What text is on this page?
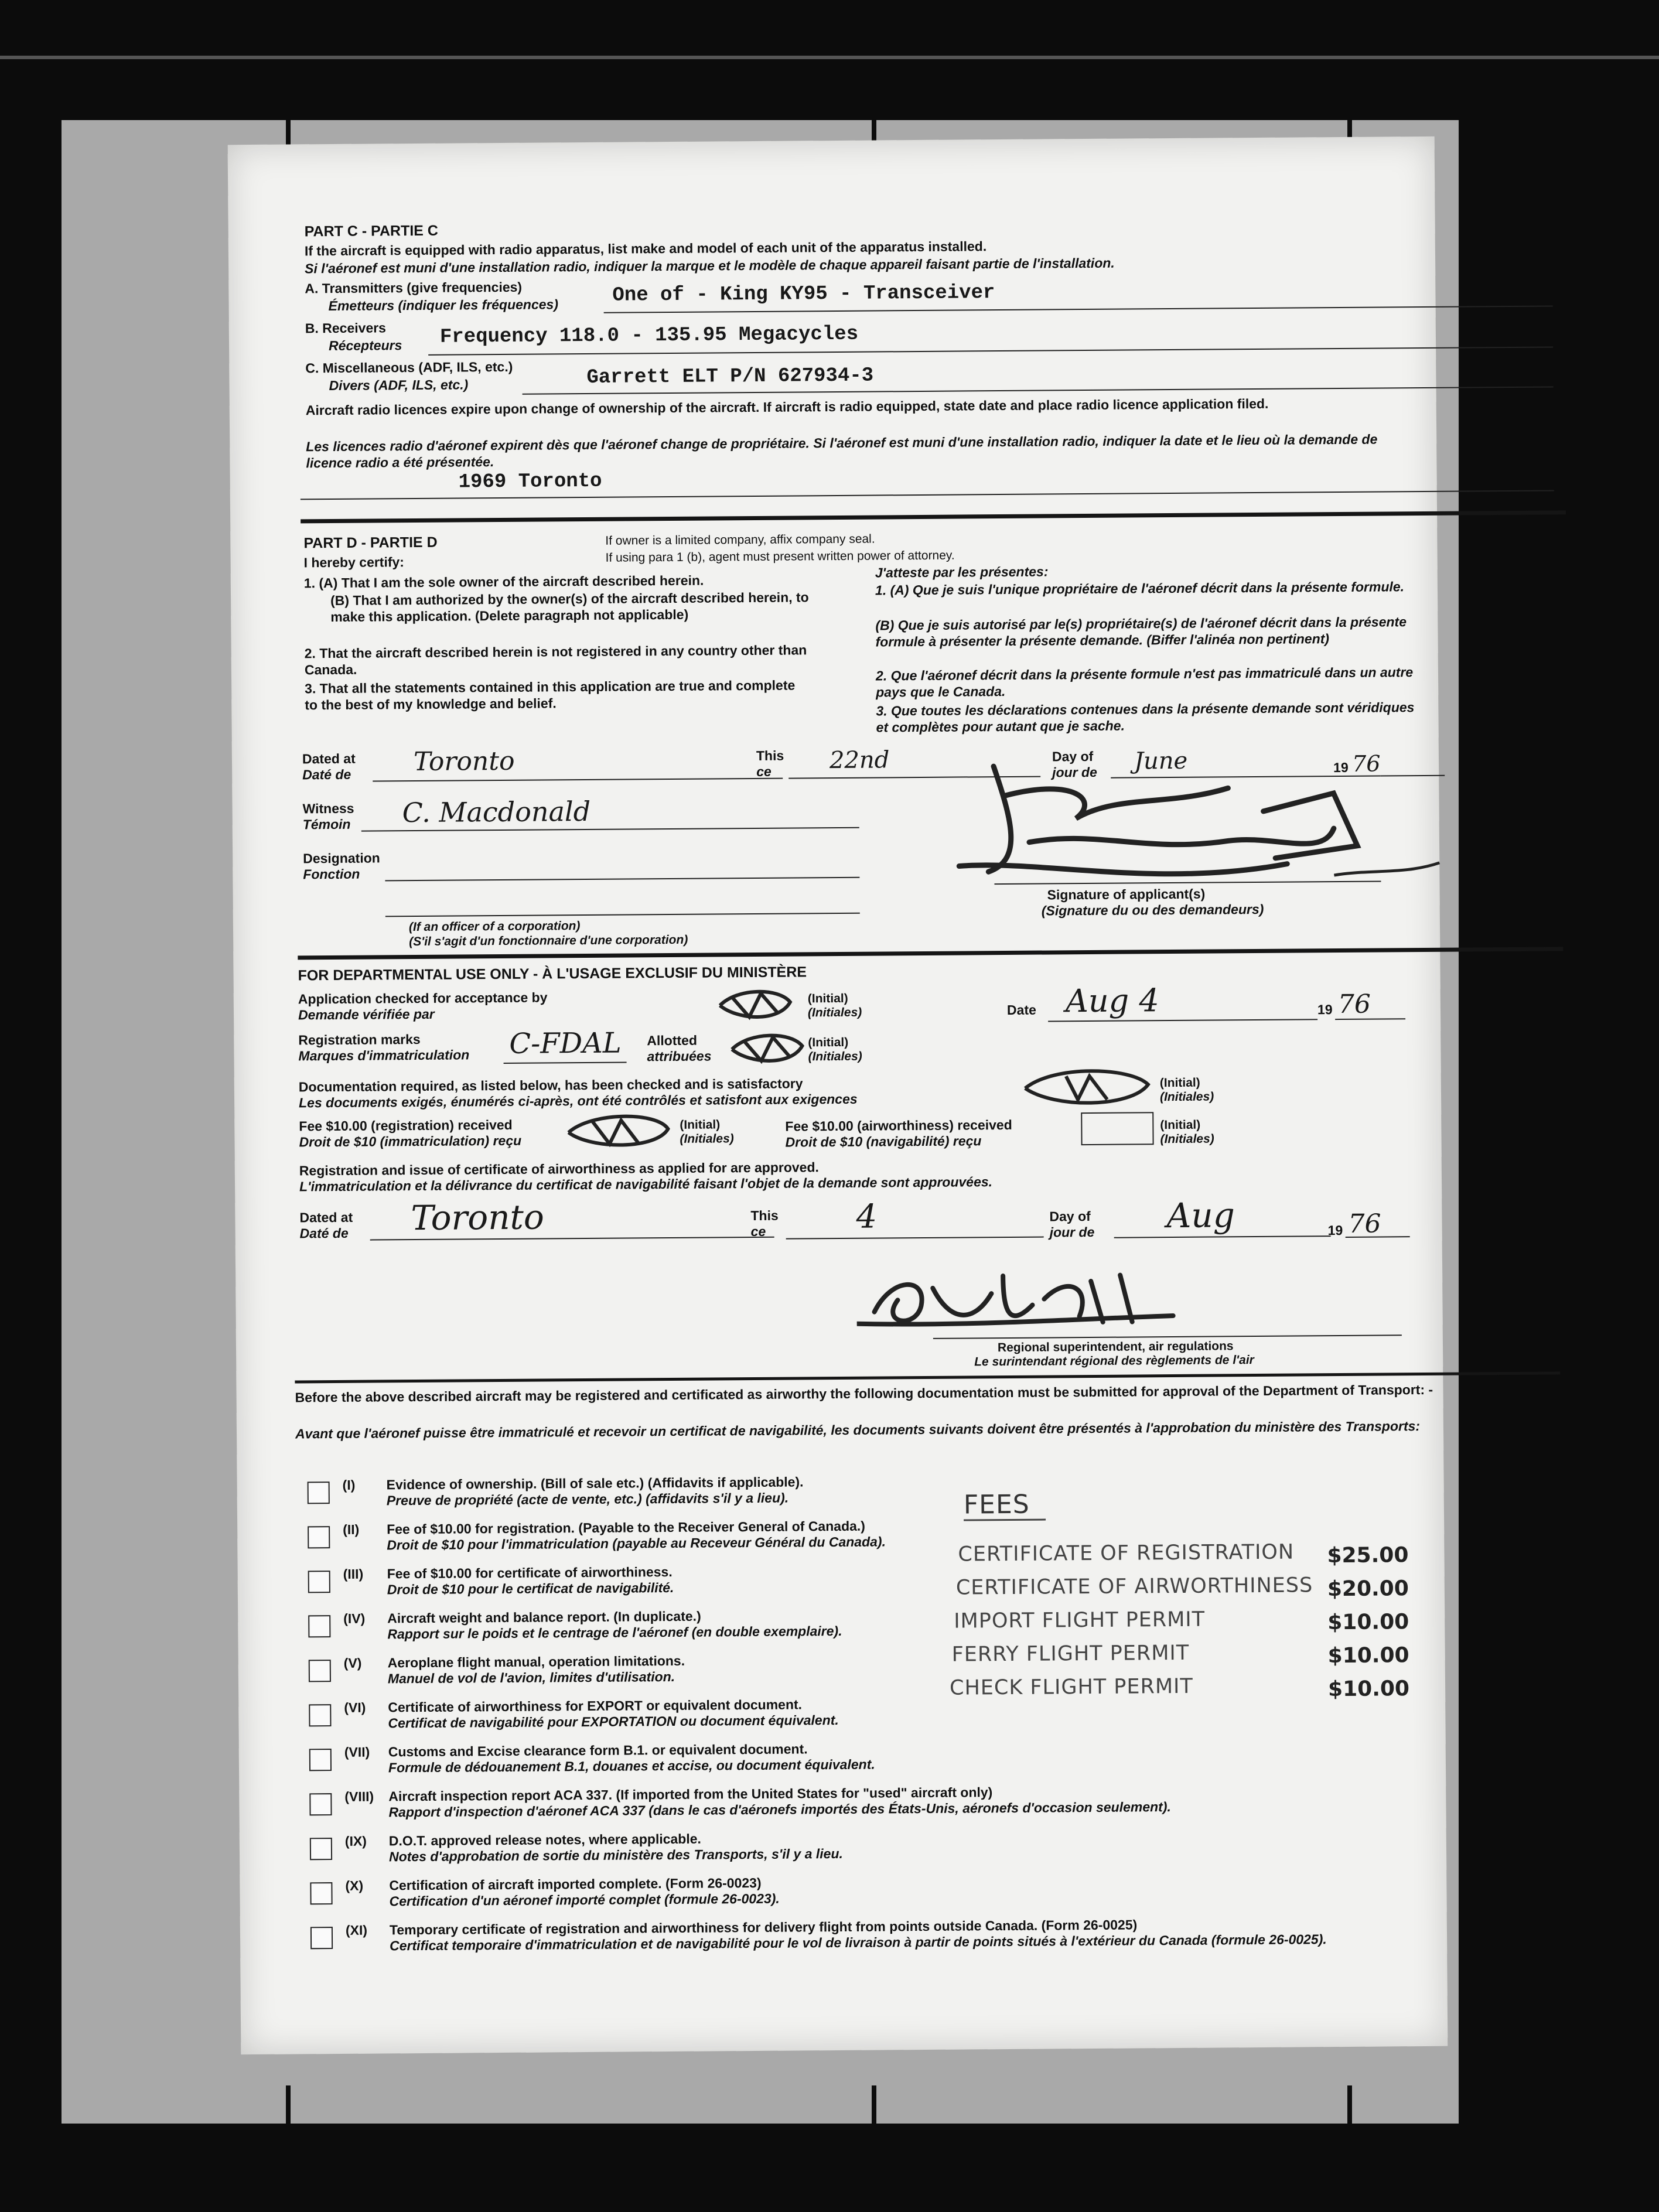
PART C - PARTIE C
If the aircraft is equipped with radio apparatus, list make and model of each unit of the apparatus installed.
Si l'aéronef est muni d'une installation radio, indiquer la marque et le modèle de chaque appareil faisant partie de l'installation.
A. Transmitters (give frequencies)
Émetteurs (indiquer les fréquences)	One of - King KY95 - Transceiver
B. Receivers
Récepteurs Frequency 118.0 - 135.95 Megacycles
C. Miscellaneous (ADF, ILS, etc.)
Divers (ADF, ILS, etc.)	Garrett ELT P/N 627934-3
Aircraft radio licences expire upon change of ownership of the aircraft. If aircraft is radio equipped, state date and place radio licence application filed.
Les licences radio d'aéronef expirent dès que l'aéronef change de propriétaire. Si l'aéronef est muni d'une installation radio, indiquer la date et le lieu où la demande de licence radio a été présentée.
1969 Toronto
PART D - PARTIE D	If owner is a limited company, affix company seal.
If using para 1 (b), agent must present written power of attorney.
I hereby certify:
J'atteste par les présentes:
1. (A) That I am the sole owner of the aircraft described herein.
(B) That I am authorized by the owner(s) of the aircraft described herein, to make this application. (Delete paragraph not applicable)
2. That the aircraft described herein is not registered in any country other than Canada.
3. That all the statements contained in this application are true and complete to the best of my knowledge and belief.
1. (A) Que je suis l'unique propriétaire de l'aéronef décrit dans la présente formule.
(B) Que je suis autorisé par le(s) propriétaire(s) de l'aéronef décrit dans la présente formule à présenter la présente demande. (Biffer l'alinéa non pertinent)
2. Que l'aéronef décrit dans la présente formule n'est pas immatriculé dans un autre pays que le Canada.
3. Que toutes les déclarations contenues dans la présente demande sont véridiques et complètes pour autant que je sache.
Dated at
Daté de Toronto	This
ce 22nd	Day of
jour de June	19 76
Witness
Témoin C. Macdonald
Designation
Fonction
(If an officer of a corporation)
(S'il s'agit d'un fonctionnaire d'une corporation)
Signature of applicant(s)
(Signature du ou des demandeurs)
FOR DEPARTMENTAL USE ONLY - À L'USAGE EXCLUSIF DU MINISTÈRE
Application checked for acceptance by
Demande vérifiée par
(Initial)
(Initiales)	Date Aug 4	19 76
Registration marks
Marques d'immatriculation C-FDAL Allotted
attribuées
(Initial)
(Initiales)
Documentation required, as listed below, has been checked and is satisfactory
Les documents exigés, énumérés ci-après, ont été contrôlés et satisfont aux exigences
(Initial)
(Initiales)
Fee $10.00 (registration) received
Droit de $10 (immatriculation) reçu
(Initial)
(Initiales)
Fee $10.00 (airworthiness) received
Droit de $10 (navigabilité) reçu
(Initial)
(Initiales)
Registration and issue of certificate of airworthiness as applied for are approved.
L'immatriculation et la délivrance du certificat de navigabilité faisant l'objet de la demande sont approuvées.
Dated at
Daté de Toronto	This
ce	4	Day of
jour de Aug	19 76
Regional superintendent, air regulations
Le surintendant régional des règlements de l'air
Before the above described aircraft may be registered and certificated as airworthy the following documentation must be submitted for approval of the Department of Transport: -
Avant que l'aéronef puisse être immatriculé et recevoir un certificat de navigabilité, les documents suivants doivent être présentés à l'approbation du ministère des Transports:
FEES
(I) Evidence of ownership. (Bill of sale etc.) (Affidavits if applicable).
Preuve de propriété (acte de vente, etc.) (affidavits s'il y a lieu).
(II) Fee of $10.00 for registration. (Payable to the Receiver General of Canada.)
Droit de $10 pour l'immatriculation (payable au Receveur Général du Canada).
(III) Fee of $10.00 for certificate of airworthiness.
Droit de $10 pour le certificat de navigabilité.
(IV) Aircraft weight and balance report. (In duplicate.)
Rapport sur le poids et le centrage de l'aéronef (en double exemplaire).
(V) Aeroplane flight manual, operation limitations.
Manuel de vol de l'avion, limites d'utilisation.
(VI) Certificate of airworthiness for EXPORT or equivalent document.
Certificat de navigabilité pour EXPORTATION ou document équivalent.
(VII) Customs and Excise clearance form B.1. or equivalent document.
Formule de dédouanement B.1, douanes et accise, ou document équivalent.
(VIII) Aircraft inspection report ACA 337. (If imported from the United States for "used" aircraft only)
Rapport d'inspection d'aéronef ACA 337 (dans le cas d'aéronefs importés des États-Unis, aéronefs d'occasion seulement).
(IX) D.O.T. approved release notes, where applicable.
Notes d'approbation de sortie du ministère des Transports, s'il y a lieu.
(X) Certification of aircraft imported complete. (Form 26-0023)
Certification d'un aéronef importé complet (formule 26-0023).
(XI) Temporary certificate of registration and airworthiness for delivery flight from points outside Canada. (Form 26-0025)
Certificat temporaire d'immatriculation et de navigabilité pour le vol de livraison à partir de points situés à l'extérieur du Canada (formule 26-0025).
CERTIFICATE OF REGISTRATION $25.00
CERTIFICATE OF AIRWORTHINESS $20.00
IMPORT FLIGHT PERMIT	$10.00
FERRY FLIGHT PERMIT	$10.00
CHECK FLIGHT PERMIT	$10.00
